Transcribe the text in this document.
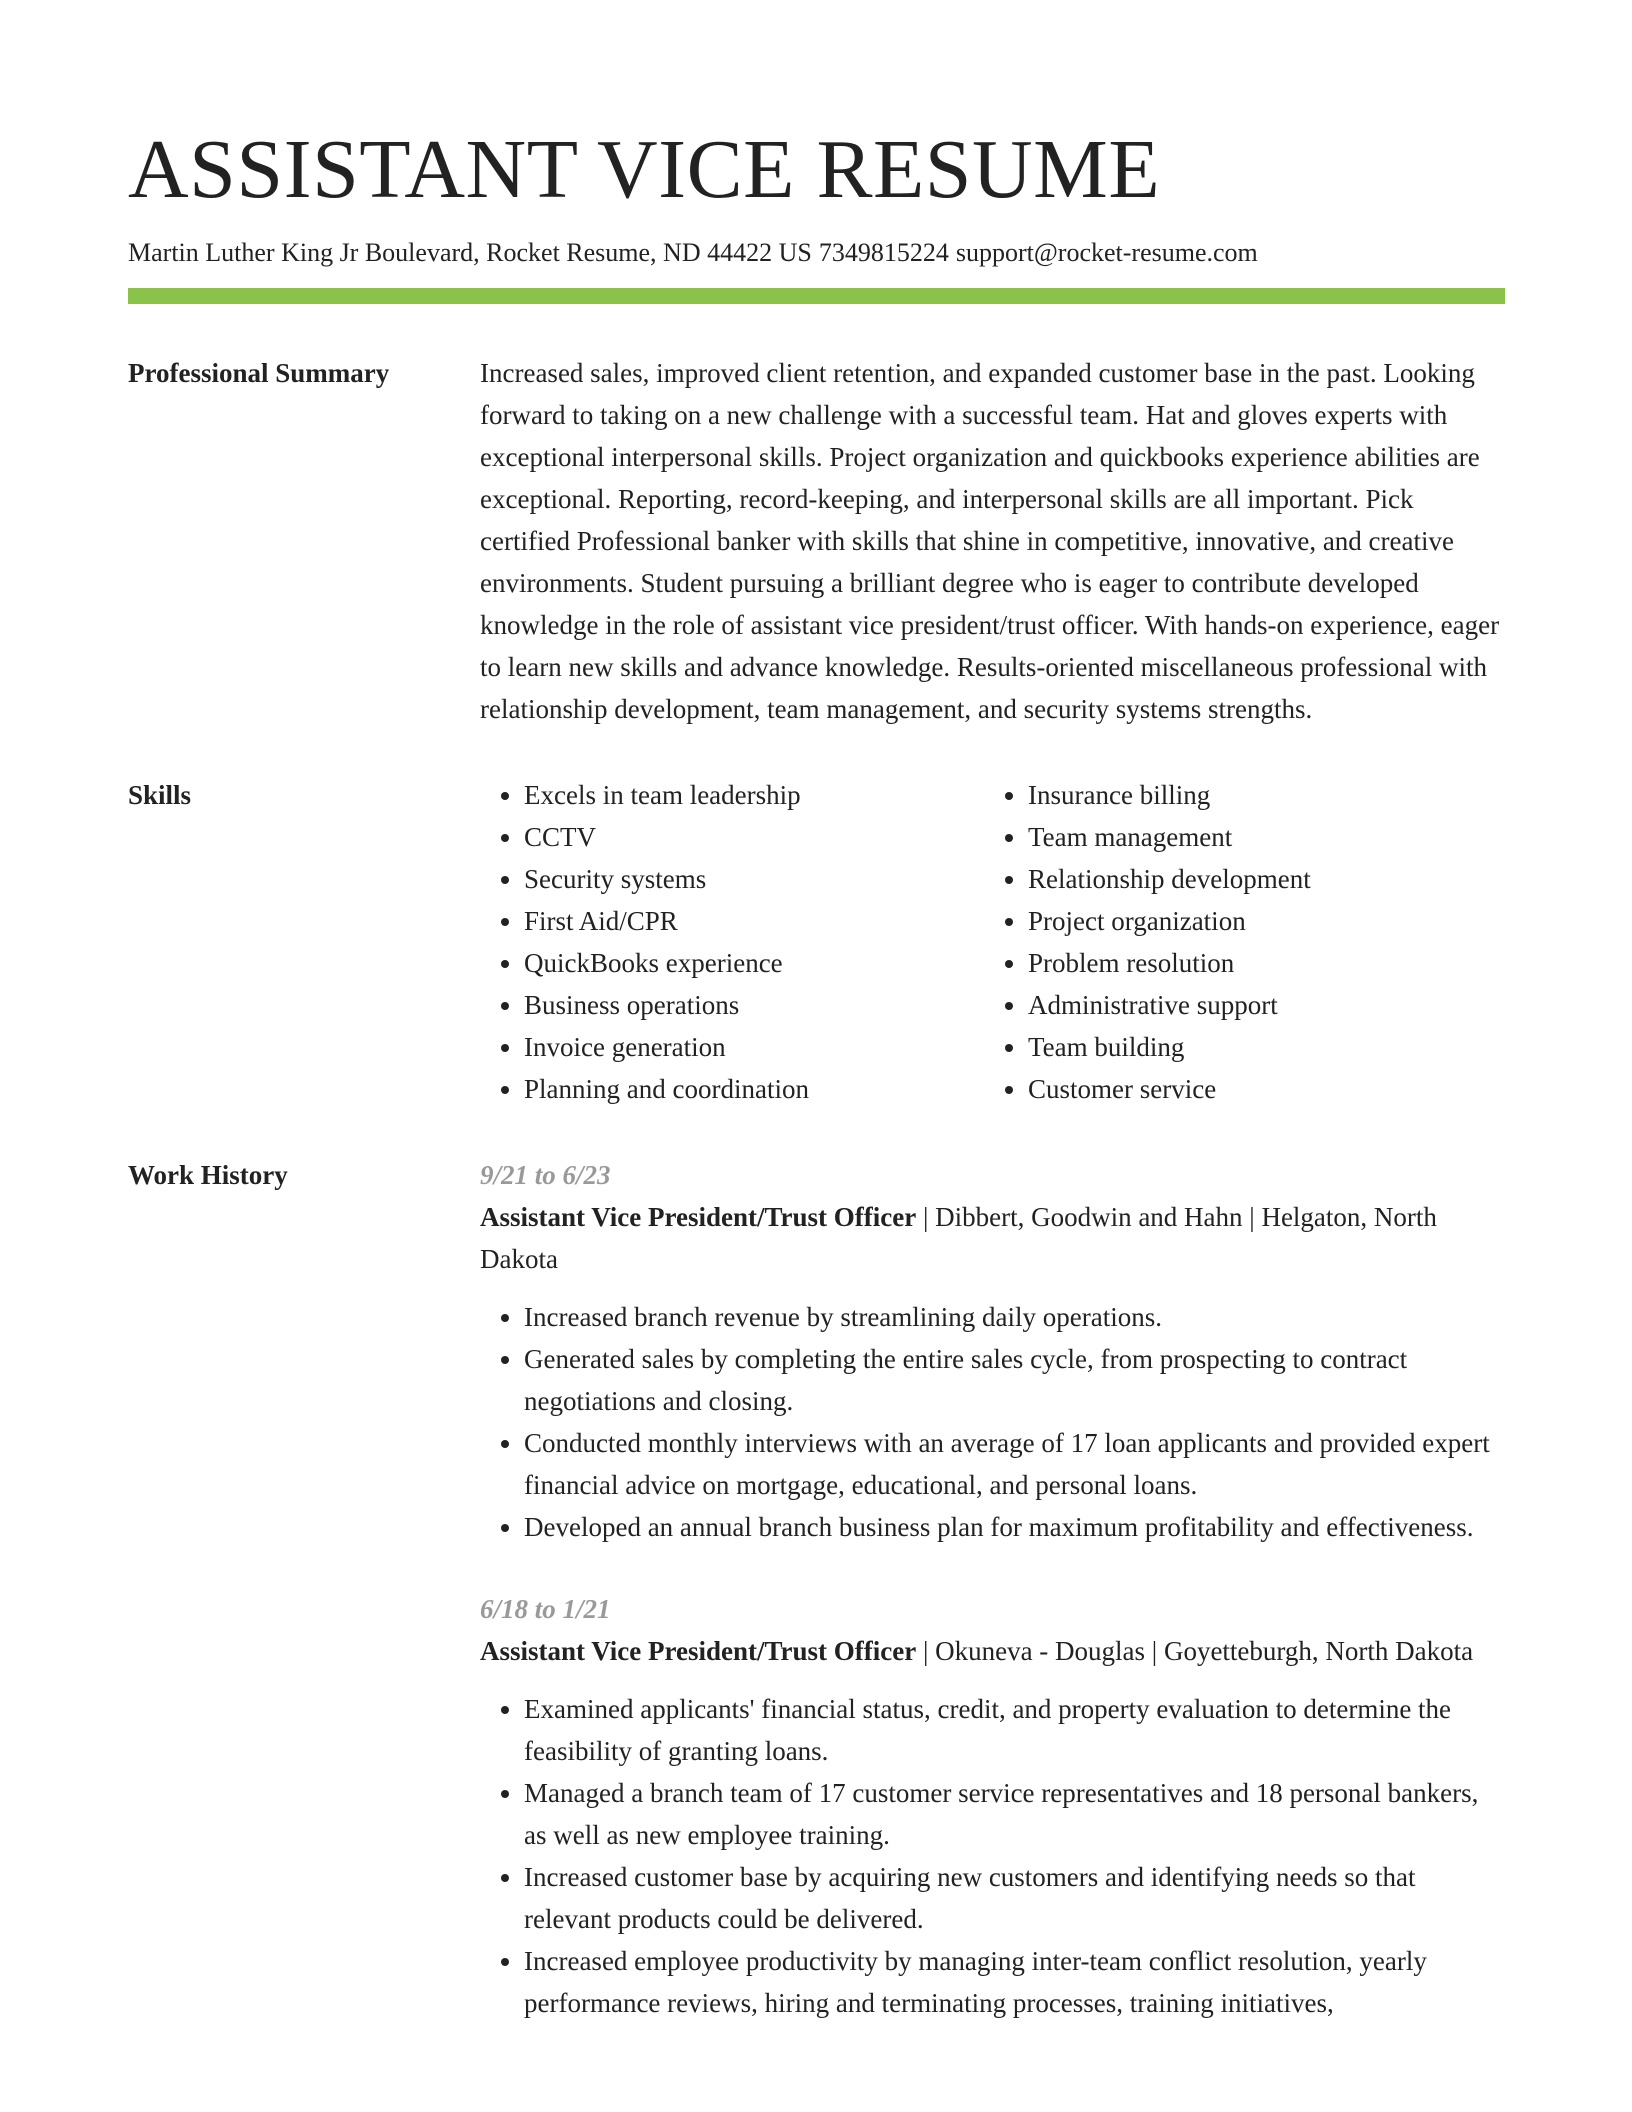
ASSISTANT VICE RESUME
Martin Luther King Jr Boulevard, Rocket Resume, ND 44422 US 7349815224 support@rocket-resume.com
Professional Summary	Increased sales, improved client retention, and expanded customer base in the past. Looking forward to taking on a new challenge with a successful team. Hat and gloves experts with exceptional interpersonal skills. Project organization and quickbooks experience abilities are exceptional. Reporting, record-keeping, and interpersonal skills are all important. Pick certified Professional banker with skills that shine in competitive, innovative, and creative environments. Student pursuing a brilliant degree who is eager to contribute developed knowledge in the role of assistant vice president/trust officer. With hands-on experience, eager to learn new skills and advance knowledge. Results-oriented miscellaneous professional with relationship development, team management, and security systems strengths.

Skills
•	Excels in team leadership
• CCTV
• Security systems
• First Aid/CPR
• QuickBooks experience
• Business operations
• Invoice generation
• Planning and coordination
• Insurance billing
• Team management
• Relationship development
• Project organization
• Problem resolution
• Administrative support
• Team building
• Customer service
Work History	9/21 to 6/23
Assistant Vice President/Trust Officer | Dibbert, Goodwin and Hahn | Helgaton, North Dakota
• Increased branch revenue by streamlining daily operations.
• Generated sales by completing the entire sales cycle, from prospecting to contract negotiations and closing.
• Conducted monthly interviews with an average of 17 loan applicants and provided expert financial advice on mortgage, educational, and personal loans.
• Developed an annual branch business plan for maximum profitability and effectiveness.
6/18 to 1/21
Assistant Vice President/Trust Officer | Okuneva - Douglas | Goyetteburgh, North Dakota
• Examined applicants' financial status, credit, and property evaluation to determine the feasibility of granting loans.
• Managed a branch team of 17 customer service representatives and 18 personal bankers, as well as new employee training.
• Increased customer base by acquiring new customers and identifying needs so that relevant products could be delivered.
• Increased employee productivity by managing inter-team conflict resolution, yearly performance reviews, hiring and terminating processes, training initiatives,
